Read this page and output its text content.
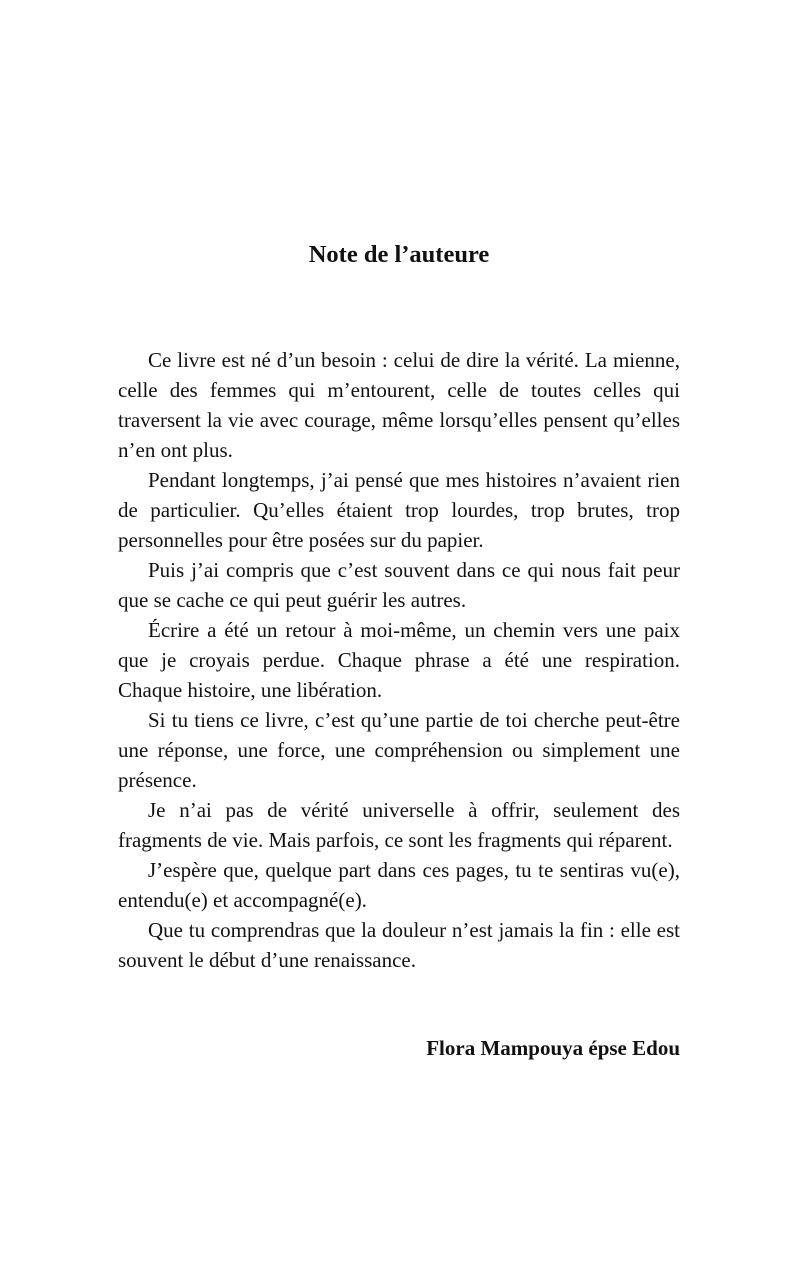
Note de l’auteure

Ce livre est né d’un besoin : celui de dire la vérité. La mienne, celle des femmes qui m’entourent, celle de toutes celles qui traversent la vie avec courage, même lorsqu’elles pensent qu’elles n’en ont plus.

Pendant longtemps, j’ai pensé que mes histoires n’avaient rien de particulier. Qu’elles étaient trop lourdes, trop brutes, trop personnelles pour être posées sur du papier.

Puis j’ai compris que c’est souvent dans ce qui nous fait peur que se cache ce qui peut guérir les autres.

Écrire a été un retour à moi-même, un chemin vers une paix que je croyais perdue. Chaque phrase a été une respiration. Chaque histoire, une libération.

Si tu tiens ce livre, c’est qu’une partie de toi cherche peut-être une réponse, une force, une compréhension ou simplement une présence.

Je n’ai pas de vérité universelle à offrir, seulement des fragments de vie. Mais parfois, ce sont les fragments qui réparent.

J’espère que, quelque part dans ces pages, tu te sentiras vu(e), entendu(e) et accompagné(e).

Que tu comprendras que la douleur n’est jamais la fin : elle est souvent le début d’une renaissance.

Flora Mampouya épse Edou
